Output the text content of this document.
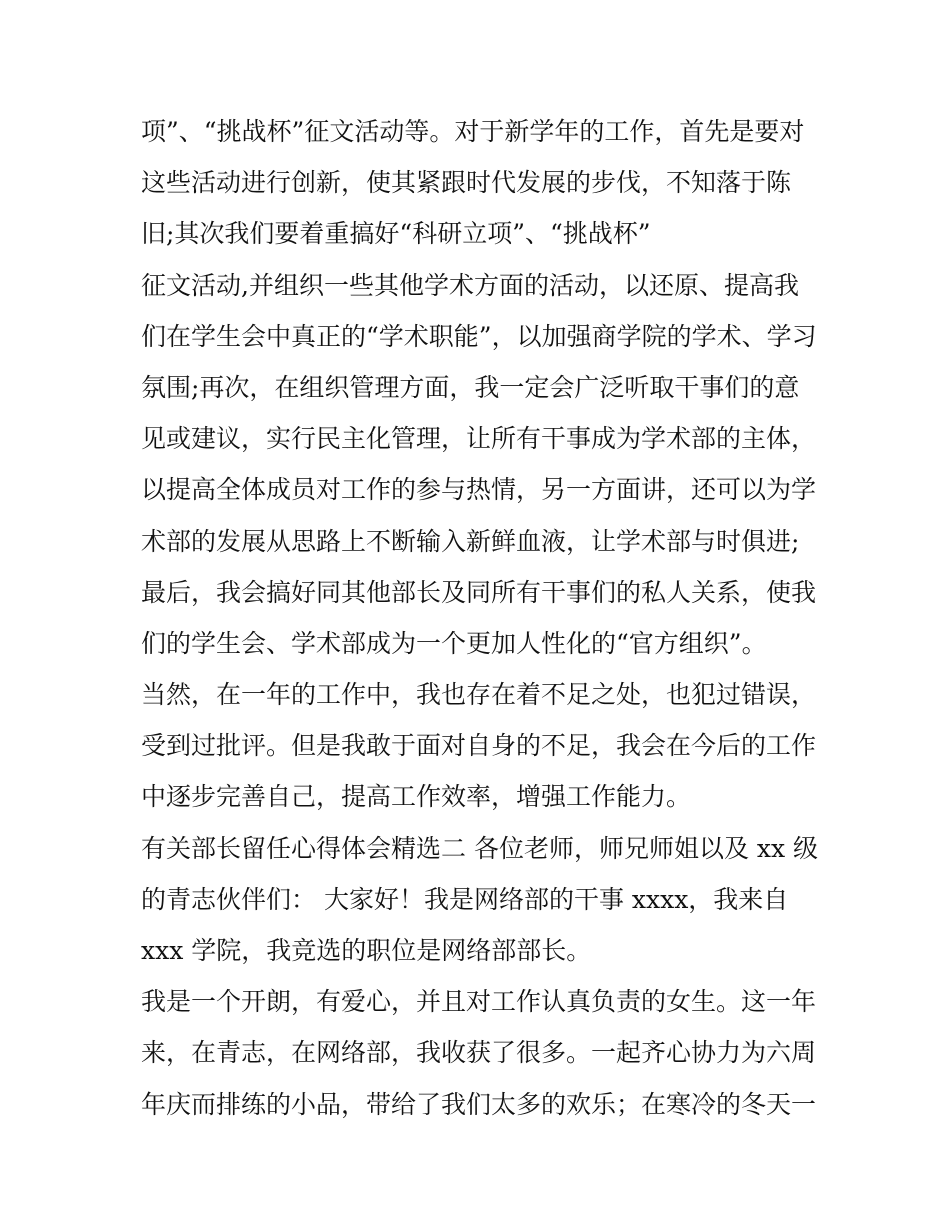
项”、“挑战杯”征文活动等。对于新学年的工作，首先是要对
这些活动进行创新，使其紧跟时代发展的步伐，不知落于陈
旧;其次我们要着重搞好“科研立项”、“挑战杯”
征文活动,并组织一些其他学术方面的活动，以还原、提高我
们在学生会中真正的“学术职能”，以加强商学院的学术、学习
氛围;再次，在组织管理方面，我一定会广泛听取干事们的意
见或建议，实行民主化管理，让所有干事成为学术部的主体，
以提高全体成员对工作的参与热情，另一方面讲，还可以为学
术部的发展从思路上不断输入新鲜血液，让学术部与时俱进;
最后，我会搞好同其他部长及同所有干事们的私人关系，使我
们的学生会、学术部成为一个更加人性化的“官方组织”。
当然，在一年的工作中，我也存在着不足之处，也犯过错误，
受到过批评。但是我敢于面对自身的不足，我会在今后的工作
中逐步完善自己，提高工作效率，增强工作能力。
有关部长留任心得体会精选二 各位老师，师兄师姐以及 xx 级
的青志伙伴们： 大家好！我是网络部的干事 xxxx，我来自
xxx 学院，我竞选的职位是网络部部长。
我是一个开朗，有爱心，并且对工作认真负责的女生。这一年
来，在青志，在网络部，我收获了很多。一起齐心协力为六周
年庆而排练的小品，带给了我们太多的欢乐；在寒冷的冬天一
